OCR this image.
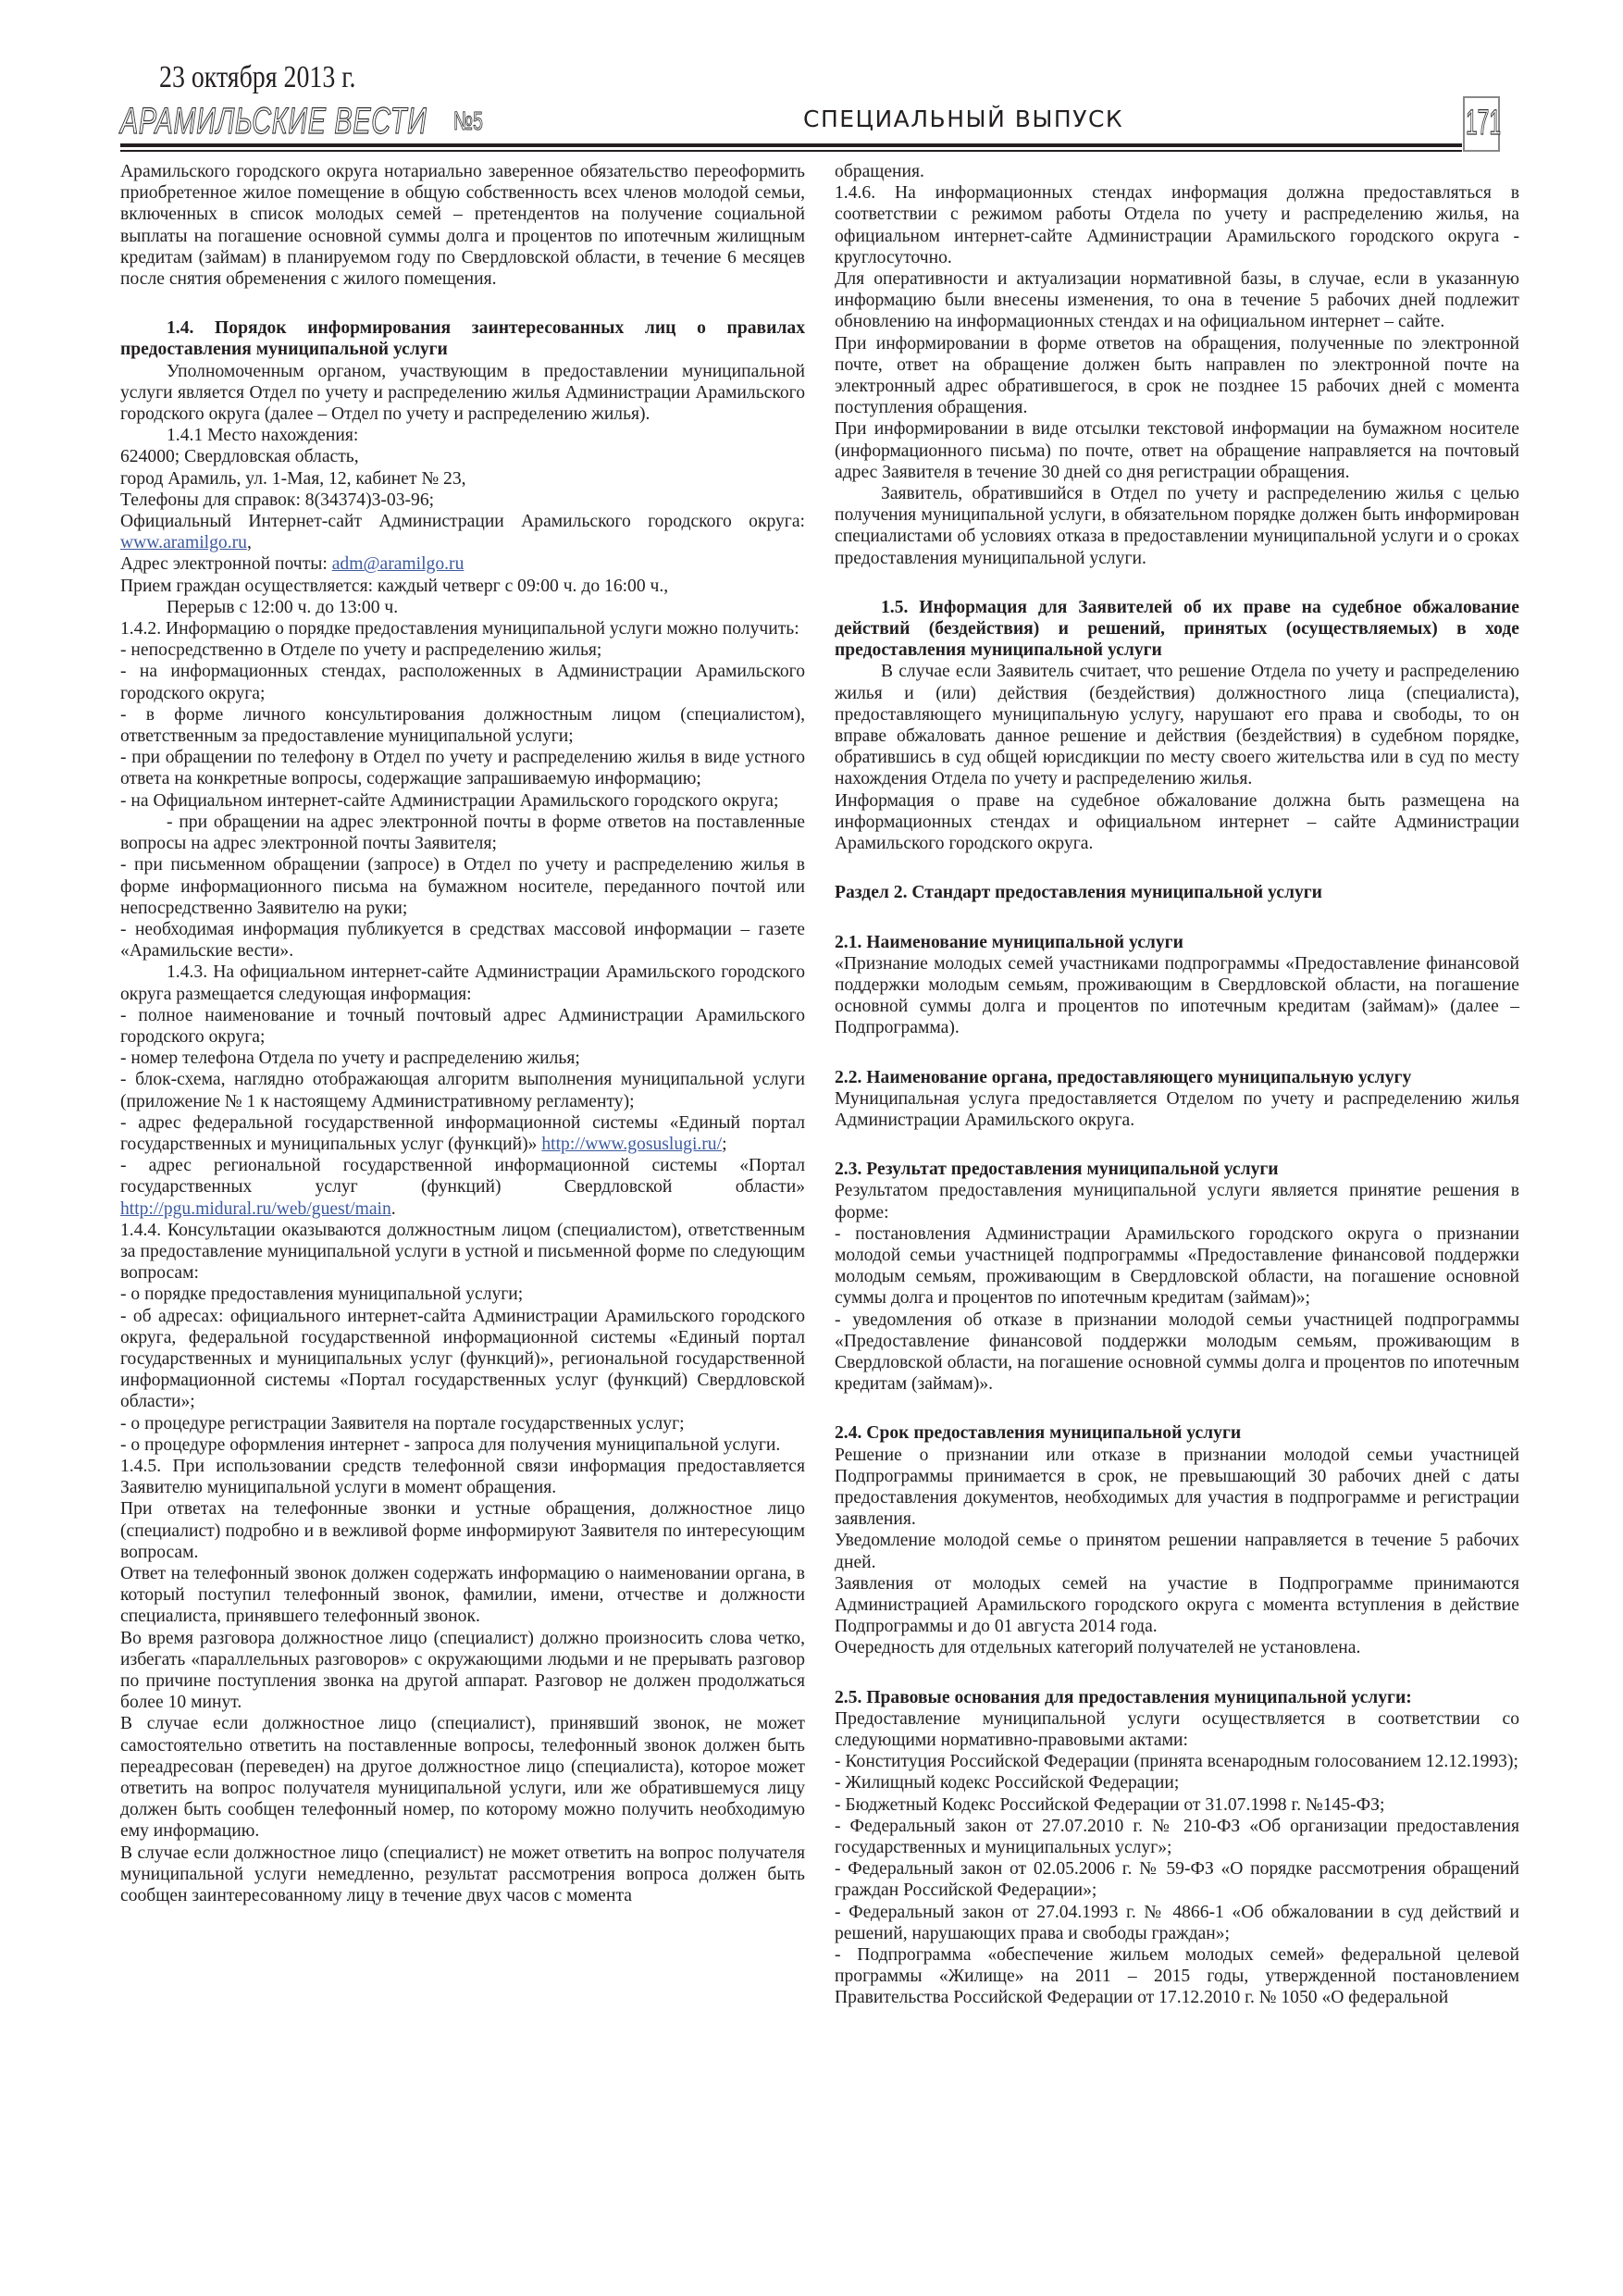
23 октября 2013 г.
АРАМИЛЬСКИЕ ВЕСТИ №5	СПЕЦИАЛЬНЫЙ ВЫПУСК	171

Арамильского городского округа нотариально заверенное обязательство переоформить приобретенное жилое помещение в общую собственность всех членов молодой семьи, включенных в список молодых семей – претендентов на получение социальной выплаты на погашение основной суммы долга и процентов по ипотечным жилищным кредитам (займам) в планируемом году по Свердловской области, в течение 6 месяцев после снятия обременения с жилого помещения.

1.4. Порядок информирования заинтересованных лиц о правилах предоставления муниципальной услуги

Уполномоченным органом, участвующим в предоставлении муниципальной услуги является Отдел по учету и распределению жилья Администрации Арамильского городского округа (далее – Отдел по учету и распределению жилья).

1.4.1 Место нахождения:

624000; Свердловская область,

город Арамиль, ул. 1-Мая, 12, кабинет № 23,

Телефоны для справок: 8(34374)3-03-96;

Официальный Интернет-сайт Администрации Арамильского городского округа: www.aramilgo.ru,

Адрес электронной почты: adm@aramilgo.ru

Прием граждан осуществляется: каждый четверг с 09:00 ч. до 16:00 ч.,

Перерыв с 12:00 ч. до 13:00 ч.

1.4.2. Информацию о порядке предоставления муниципальной услуги можно получить:

- непосредственно в Отделе по учету и распределению жилья;

- на информационных стендах, расположенных в Администрации Арамильского городского округа;

- в форме личного консультирования должностным лицом (специалистом), ответственным за предоставление муниципальной услуги;

- при обращении по телефону в Отдел по учету и распределению жилья в виде устного ответа на конкретные вопросы, содержащие запрашиваемую информацию;

- на Официальном интернет-сайте Администрации Арамильского городского округа;

- при обращении на адрес электронной почты в форме ответов на поставленные вопросы на адрес электронной почты Заявителя;

- при письменном обращении (запросе) в Отдел по учету и распределению жилья в форме информационного письма на бумажном носителе, переданного почтой или непосредственно Заявителю на руки;

- необходимая информация публикуется в средствах массовой информации – газете «Арамильские вести».

1.4.3. На официальном интернет-сайте Администрации Арамильского городского округа размещается следующая информация:

- полное наименование и точный почтовый адрес Администрации Арамильского городского округа;

- номер телефона Отдела по учету и распределению жилья;

- блок-схема, наглядно отображающая алгоритм выполнения муниципальной услуги (приложение № 1 к настоящему Административному регламенту);

- адрес федеральной государственной информационной системы «Единый портал государственных и муниципальных услуг (функций)» http://www.gosuslugi.ru/;

- адрес региональной государственной информационной системы «Портал государственных услуг (функций) Свердловской области» http://pgu.midural.ru/web/guest/main.

1.4.4. Консультации оказываются должностным лицом (специалистом), ответственным за предоставление муниципальной услуги в устной и письменной форме по следующим вопросам:

- о порядке предоставления муниципальной услуги;

- об адресах: официального интернет-сайта Администрации Арамильского городского округа, федеральной государственной информационной системы «Единый портал государственных и муниципальных услуг (функций)», региональной государственной информационной системы «Портал государственных услуг (функций) Свердловской области»;

- о процедуре регистрации Заявителя на портале государственных услуг;

- о процедуре оформления интернет - запроса для получения муниципальной услуги.

1.4.5. При использовании средств телефонной связи информация предоставляется Заявителю муниципальной услуги в момент обращения.

При ответах на телефонные звонки и устные обращения, должностное лицо (специалист) подробно и в вежливой форме информируют Заявителя по интересующим вопросам.

Ответ на телефонный звонок должен содержать информацию о наименовании органа, в который поступил телефонный звонок, фамилии, имени, отчестве и должности специалиста, принявшего телефонный звонок.

Во время разговора должностное лицо (специалист) должно произносить слова четко, избегать «параллельных разговоров» с окружающими людьми и не прерывать разговор по причине поступления звонка на другой аппарат. Разговор не должен продолжаться более 10 минут.

В случае если должностное лицо (специалист), принявший звонок, не может самостоятельно ответить на поставленные вопросы, телефонный звонок должен быть переадресован (переведен) на другое должностное лицо (специалиста), которое может ответить на вопрос получателя муниципальной услуги, или же обратившемуся лицу должен быть сообщен телефонный номер, по которому можно получить необходимую ему информацию.

В случае если должностное лицо (специалист) не может ответить на вопрос получателя муниципальной услуги немедленно, результат рассмотрения вопроса должен быть сообщен заинтересованному лицу в течение двух часов с момента

обращения.

1.4.6. На информационных стендах информация должна предоставляться в соответствии с режимом работы Отдела по учету и распределению жилья, на официальном интернет-сайте Администрации Арамильского городского округа - круглосуточно.

Для оперативности и актуализации нормативной базы, в случае, если в указанную информацию были внесены изменения, то она в течение 5 рабочих дней подлежит обновлению на информационных стендах и на официальном интернет – сайте.

При информировании в форме ответов на обращения, полученные по электронной почте, ответ на обращение должен быть направлен по электронной почте на электронный адрес обратившегося, в срок не позднее 15 рабочих дней с момента поступления обращения.

При информировании в виде отсылки текстовой информации на бумажном носителе (информационного письма) по почте, ответ на обращение направляется на почтовый адрес Заявителя в течение 30 дней со дня регистрации обращения.

Заявитель, обратившийся в Отдел по учету и распределению жилья с целью получения муниципальной услуги, в обязательном порядке должен быть информирован специалистами об условиях отказа в предоставлении муниципальной услуги и о сроках предоставления муниципальной услуги.

1.5. Информация для Заявителей об их праве на судебное обжалование действий (бездействия) и решений, принятых (осуществляемых) в ходе предоставления муниципальной услуги

В случае если Заявитель считает, что решение Отдела по учету и распределению жилья и (или) действия (бездействия) должностного лица (специалиста), предоставляющего муниципальную услугу, нарушают его права и свободы, то он вправе обжаловать данное решение и действия (бездействия) в судебном порядке, обратившись в суд общей юрисдикции по месту своего жительства или в суд по месту нахождения Отдела по учету и распределению жилья.

Информация о праве на судебное обжалование должна быть размещена на информационных стендах и официальном интернет – сайте Администрации Арамильского городского округа.

Раздел 2. Стандарт предоставления муниципальной услуги

2.1. Наименование муниципальной услуги

«Признание молодых семей участниками подпрограммы «Предоставление финансовой поддержки молодым семьям, проживающим в Свердловской области, на погашение основной суммы долга и процентов по ипотечным кредитам (займам)» (далее – Подпрограмма).

2.2. Наименование органа, предоставляющего муниципальную услугу

Муниципальная услуга предоставляется Отделом по учету и распределению жилья Администрации Арамильского округа.

2.3. Результат предоставления муниципальной услуги

Результатом предоставления муниципальной услуги является принятие решения в форме:

- постановления Администрации Арамильского городского округа о признании молодой семьи участницей подпрограммы «Предоставление финансовой поддержки молодым семьям, проживающим в Свердловской области, на погашение основной суммы долга и процентов по ипотечным кредитам (займам)»;

- уведомления об отказе в признании молодой семьи участницей подпрограммы «Предоставление финансовой поддержки молодым семьям, проживающим в Свердловской области, на погашение основной суммы долга и процентов по ипотечным кредитам (займам)».

2.4. Срок предоставления муниципальной услуги

Решение о признании или отказе в признании молодой семьи участницей Подпрограммы принимается в срок, не превышающий 30 рабочих дней с даты предоставления документов, необходимых для участия в подпрограмме и регистрации заявления.

Уведомление молодой семье о принятом решении направляется в течение 5 рабочих дней.

Заявления от молодых семей на участие в Подпрограмме принимаются Администрацией Арамильского городского округа с момента вступления в действие Подпрограммы и до 01 августа 2014 года.

Очередность для отдельных категорий получателей не установлена.

2.5. Правовые основания для предоставления муниципальной услуги:

Предоставление муниципальной услуги осуществляется в соответствии со следующими нормативно-правовыми актами:

- Конституция Российской Федерации (принята всенародным голосованием 12.12.1993);

- Жилищный кодекс Российской Федерации;

- Бюджетный Кодекс Российской Федерации от 31.07.1998 г. №145-ФЗ;

- Федеральный закон от 27.07.2010 г. № 210-ФЗ «Об организации предоставления государственных и муниципальных услуг»;

- Федеральный закон от 02.05.2006 г. № 59-ФЗ «О порядке рассмотрения обращений граждан Российской Федерации»;

- Федеральный закон от 27.04.1993 г. № 4866-1 «Об обжаловании в суд действий и решений, нарушающих права и свободы граждан»;

- Подпрограмма «обеспечение жильем молодых семей» федеральной целевой программы «Жилище» на 2011 – 2015 годы, утвержденной постановлением Правительства Российской Федерации от 17.12.2010 г. № 1050 «О федеральной
